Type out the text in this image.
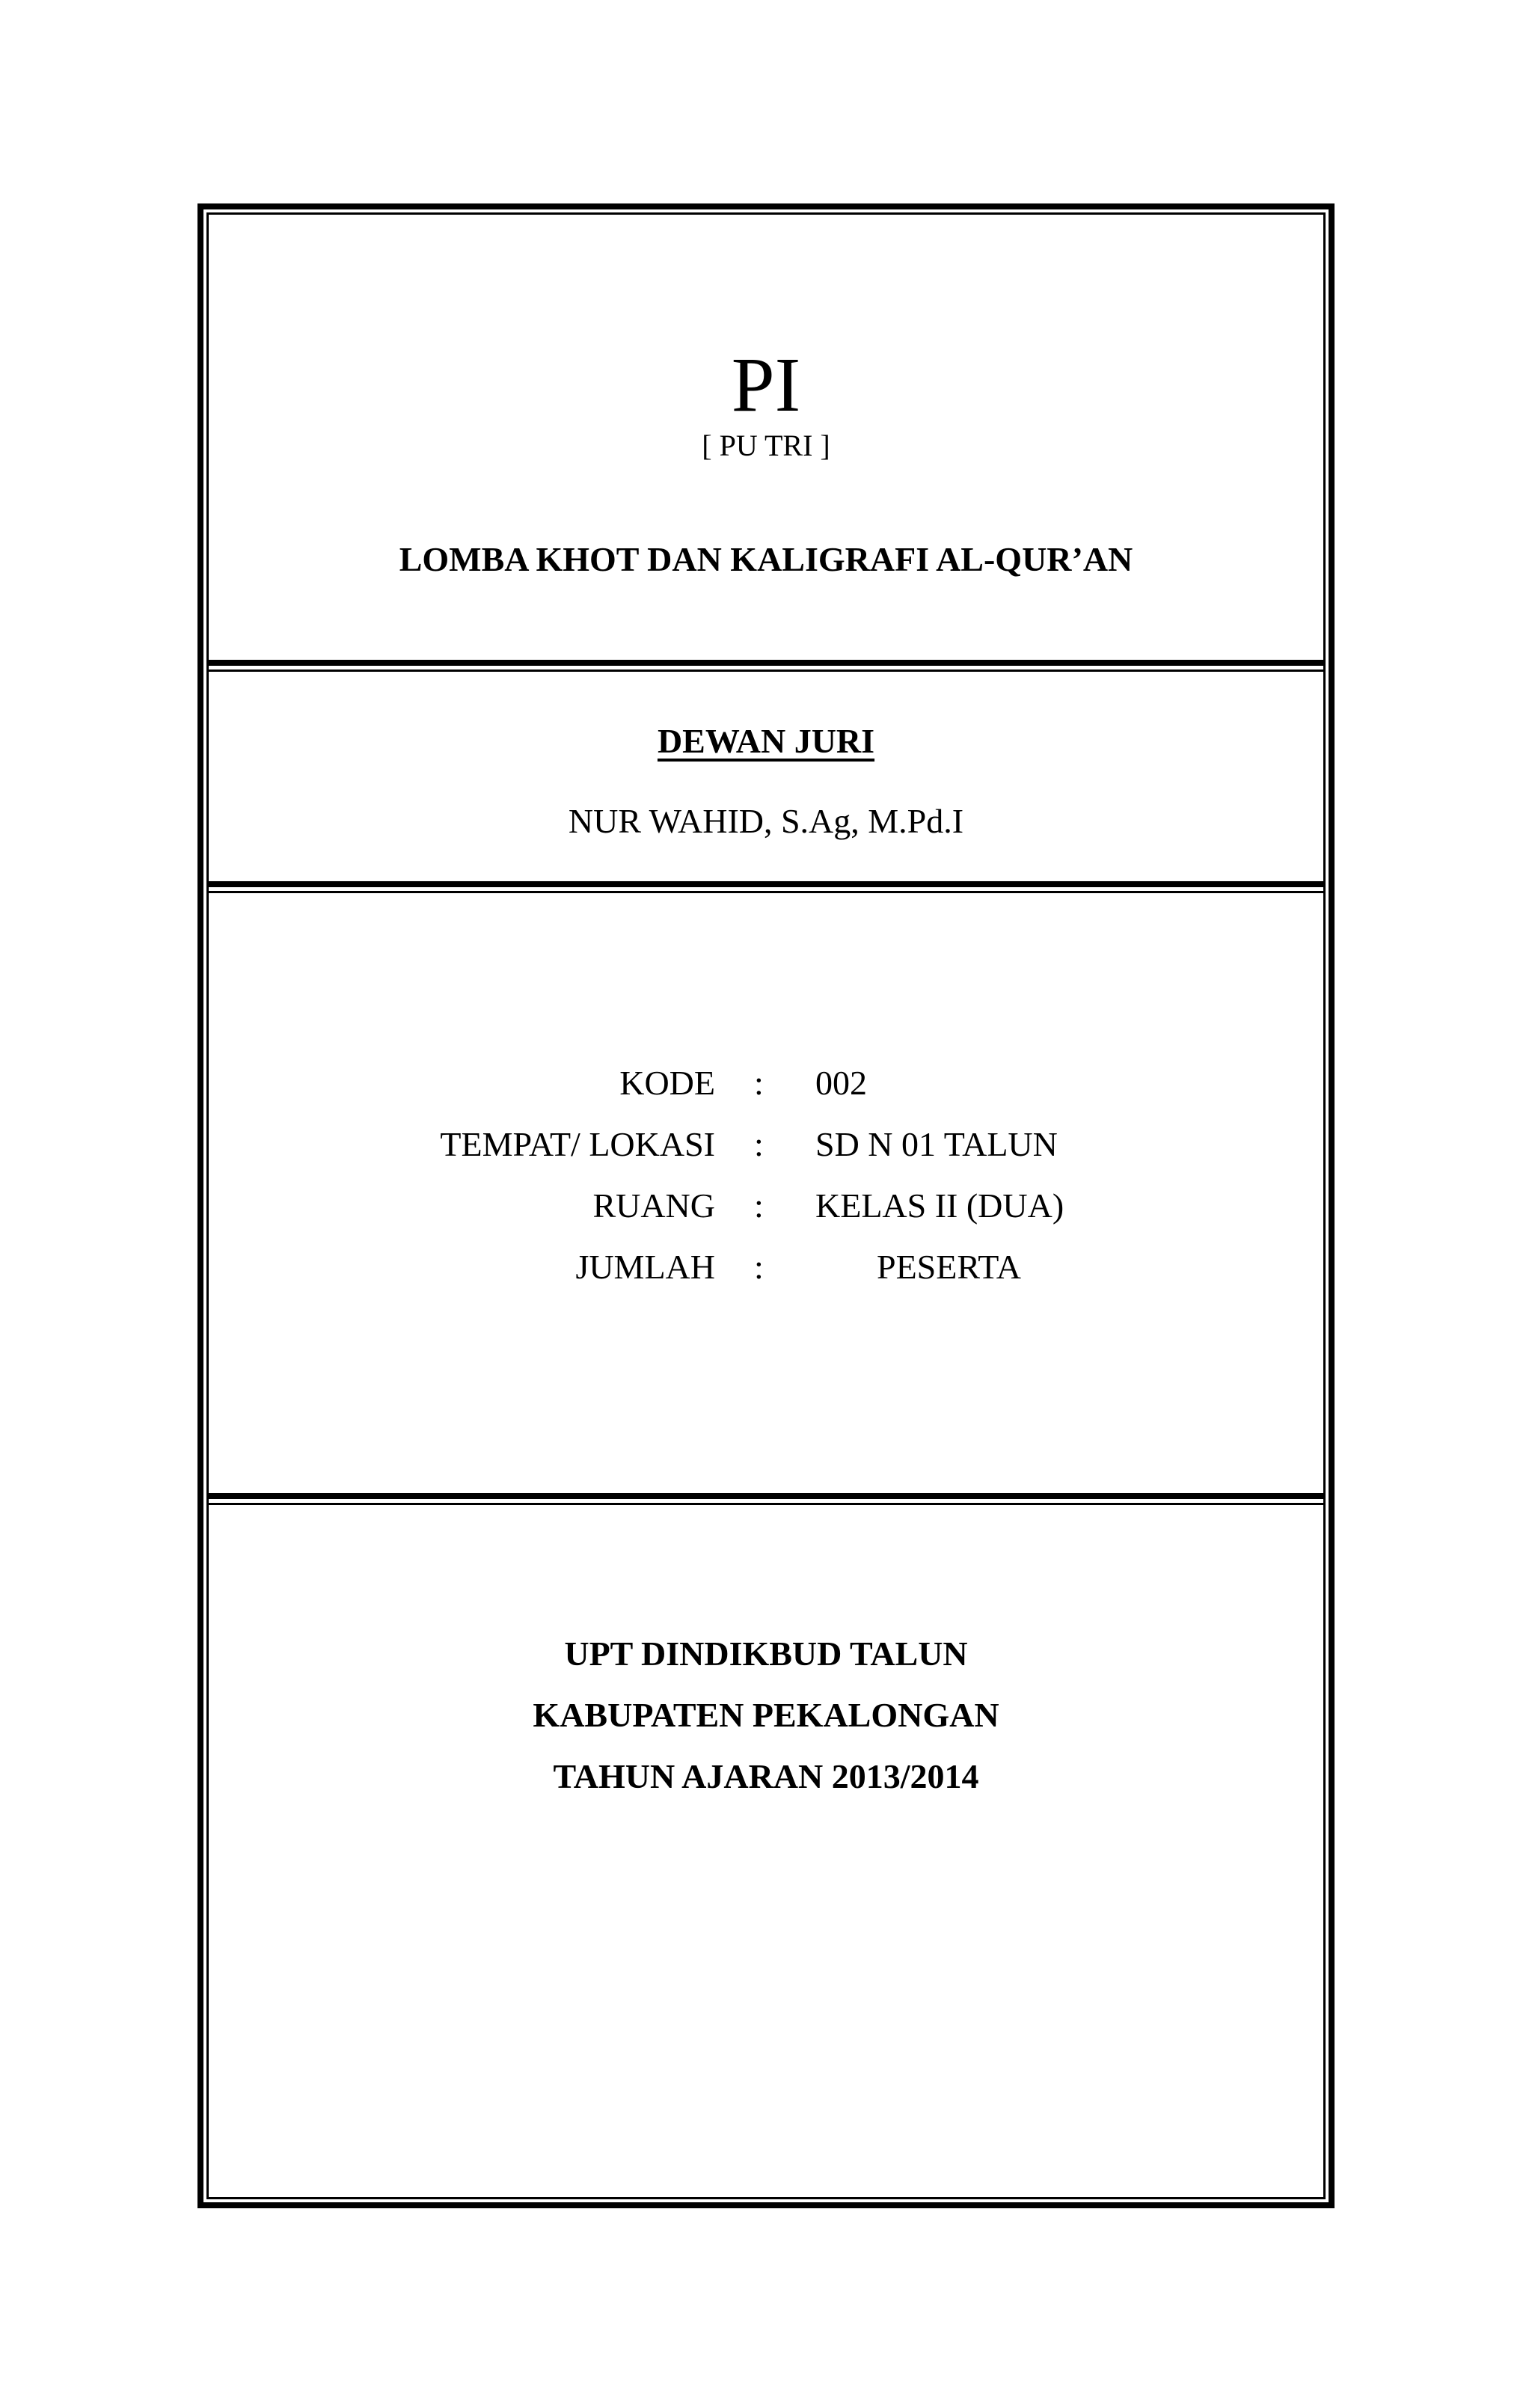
PI
[ PU TRI ]
LOMBA KHOT DAN KALIGRAFI AL-QUR’AN
DEWAN JURI
NUR WAHID, S.Ag, M.Pd.I
KODE : 002
TEMPAT/ LOKASI : SD N 01 TALUN
RUANG : KELAS II (DUA)
JUMLAH :	PESERTA
UPT DINDIKBUD TALUN
KABUPATEN PEKALONGAN
TAHUN AJARAN 2013/2014
